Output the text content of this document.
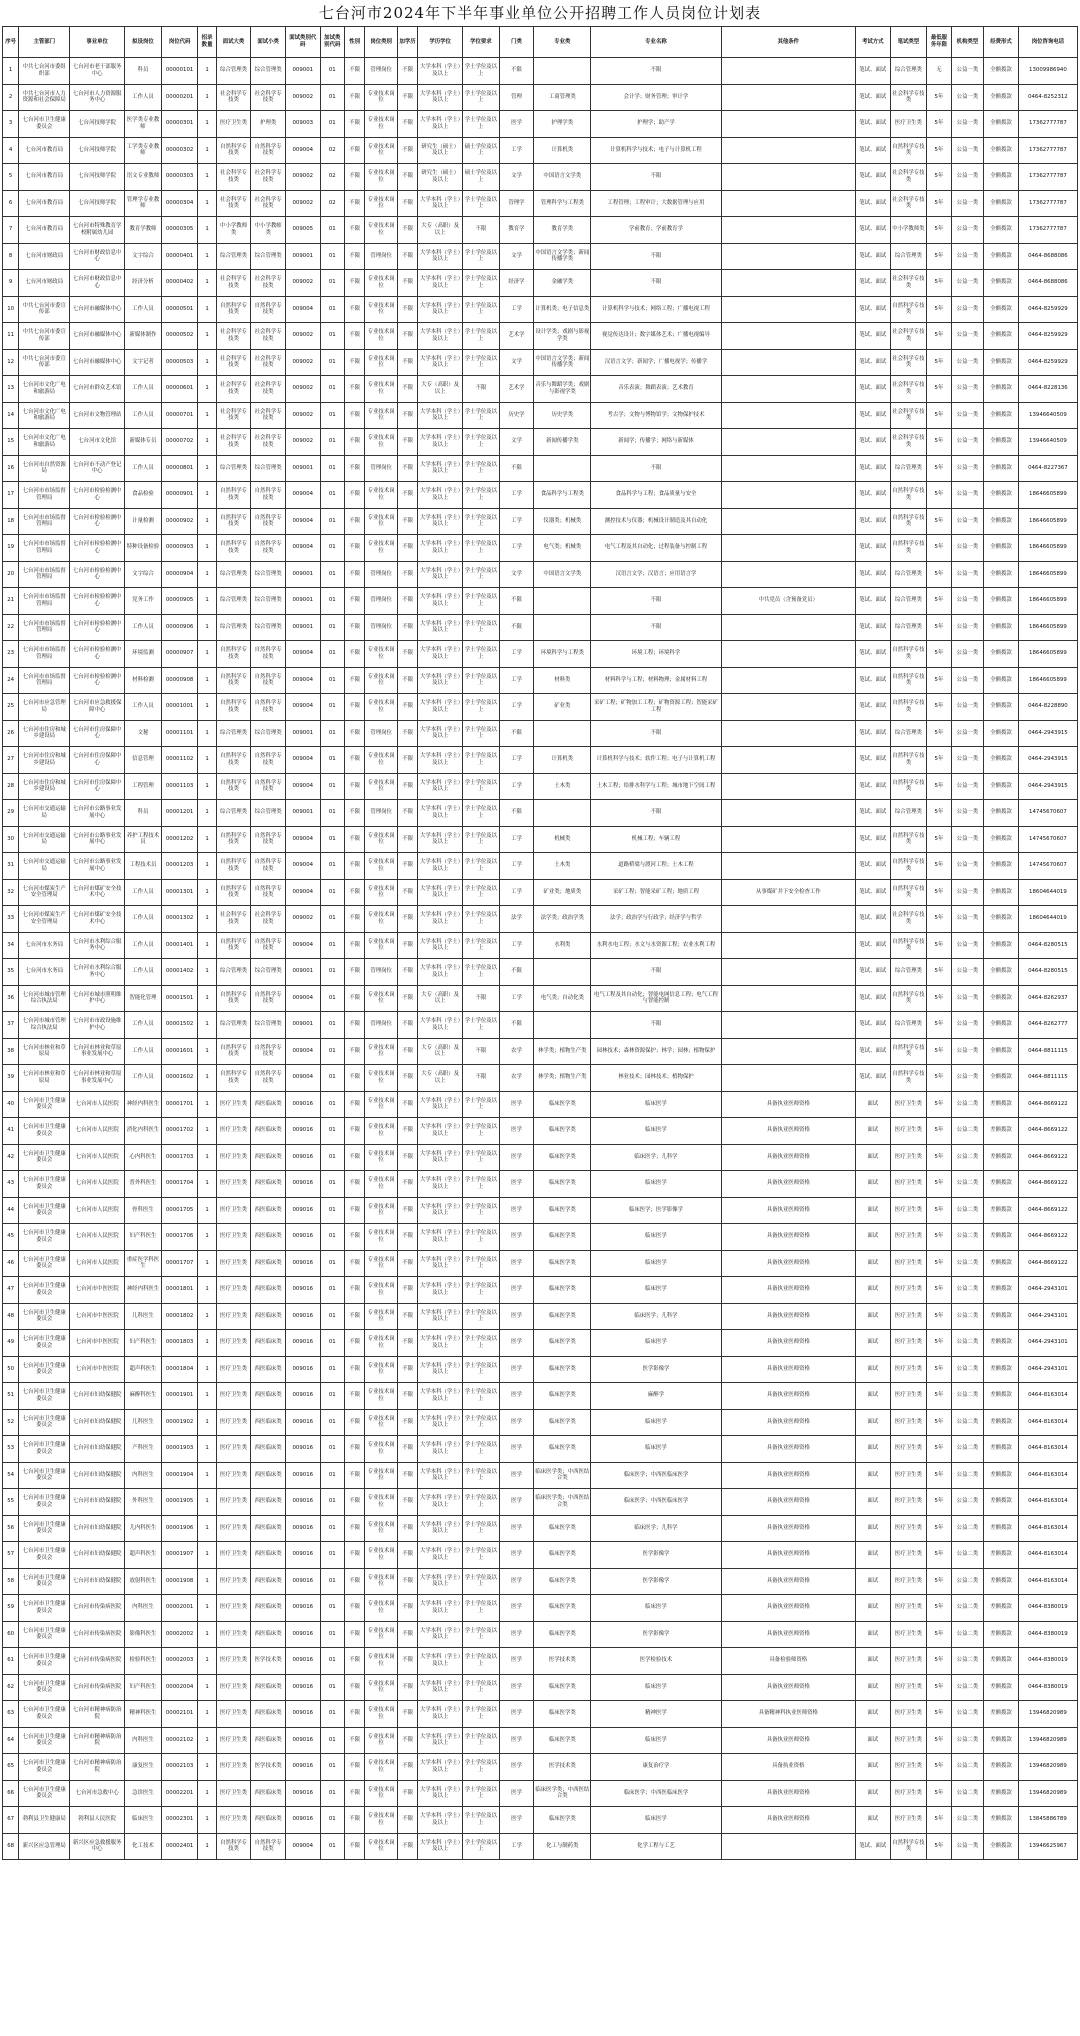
七台河市2024年下半年事业单位公开招聘工作人员岗位计划表
序号	主管部门	事业单位	拟设岗位	岗位代码	招录数量	面试大类	面试小类	面试类别代码	加试类别代码	性别	岗位类别	加学历	学历学位	学位要求	门类	专业类	专业名称	其他条件	考试方式	笔试类型	最低服务年限	机构类型	经费形式	岗位咨询电话
1	中共七台河市委组织部	七台河市老干部服务中心	科员	00000101	1	综合管理类	综合管理类	009001	01	不限	管理岗位	不限	大学本科（学士）及以上	学士学位及以上	不限		不限		笔试、面试	综合管理类	无	公益一类	全额拨款	13009986940
2	中共七台河市人力资源和社会保障局	七台河市人力资源服务中心	工作人员	00000201	1	社会科学专技类	社会科学专技类	009002	01	不限	专业技术岗位	不限	大学本科（学士）及以上	学士学位及以上	管理	工商管理类	会计学；财务管理；审计学		笔试、面试	社会科学专技类	5年	公益一类	全额拨款	0464-8252312
3	七台河市卫生健康委员会	七台河技师学院	医学类专业教师	00000301	1	医疗卫生类	护理类	009003	01	不限	专业技术岗位	不限	大学本科（学士）及以上	学士学位及以上	医学	护理学类	护理学；助产学		笔试、面试	医疗卫生类	5年	公益一类	全额拨款	17362777787
4	七台河市教育局	七台河技师学院	工学类专业教师	00000302	1	自然科学专技类	自然科学专技类	009004	02	不限	专业技术岗位	不限	研究生（硕士）及以上	硕士学位及以上	工学	计算机类	计算机科学与技术；电子与计算机工程		笔试、面试	自然科学专技类	5年	公益一类	全额拨款	17362777787
5	七台河市教育局	七台河技师学院	语文专业教师	00000303	1	社会科学专技类	社会科学专技类	009002	02	不限	专业技术岗位	不限	研究生（硕士）及以上	硕士学位及以上	文学	中国语言文学类	不限		笔试、面试	社会科学专技类	5年	公益一类	全额拨款	17362777787
6	七台河市教育局	七台河技师学院	管理学专业教师	00000304	1	社会科学专技类	社会科学专技类	009002	02	不限	专业技术岗位	不限	大学本科（学士）及以上	学士学位及以上	管理学	管理科学与工程类	工程管理；工程审计；大数据管理与应用		笔试、面试	社会科学专技类	5年	公益一类	全额拨款	17362777787
7	七台河市教育局	七台河市特殊教育学校附属幼儿园	教育学教师	00000305	1	中小学教师类	中小学教师类	009005	01	不限	专业技术岗位	不限	大专（高职）及以上	不限	教育学	教育学类	学前教育；学前教育学		笔试、面试	中小学教师类	5年	公益一类	全额拨款	17362777787
8	七台河市财政局	七台河市财政信息中心	文字综合	00000401	1	综合管理类	综合管理类	009001	01	不限	管理岗位	不限	大学本科（学士）及以上	学士学位及以上	文学	中国语言文学类；新闻传播学类	不限		笔试、面试	综合管理类	5年	公益一类	全额拨款	0464-8688086
9	七台河市财政局	七台河市财政信息中心	经济分析	00000402	1	社会科学专技类	社会科学专技类	009002	01	不限	专业技术岗位	不限	大学本科（学士）及以上	学士学位及以上	经济学	金融学类	不限		笔试、面试	社会科学专技类	5年	公益一类	全额拨款	0464-8688086
10	中共七台河市委宣传部	七台河市融媒体中心	工作人员	00000501	1	自然科学专技类	自然科学专技类	009004	01	不限	专业技术岗位	不限	大学本科（学士）及以上	学士学位及以上	工学	计算机类；电子信息类	计算机科学与技术；网络工程；广播电视工程		笔试、面试	自然科学专技类	5年	公益一类	全额拨款	0464-8259929
11	中共七台河市委宣传部	七台河市融媒体中心	新媒体制作	00000502	1	社会科学专技类	社会科学专技类	009002	01	不限	专业技术岗位	不限	大学本科（学士）及以上	学士学位及以上	艺术学	设计学类；戏剧与影视学类	视觉传达设计；数字媒体艺术；广播电视编导		笔试、面试	社会科学专技类	5年	公益一类	全额拨款	0464-8259929
12	中共七台河市委宣传部	七台河市融媒体中心	文字记者	00000503	1	社会科学专技类	社会科学专技类	009002	01	不限	专业技术岗位	不限	大学本科（学士）及以上	学士学位及以上	文学	中国语言文学类；新闻传播学类	汉语言文学；新闻学；广播电视学；传播学		笔试、面试	社会科学专技类	5年	公益一类	全额拨款	0464-8259929
13	七台河市文化广电和旅游局	七台河市群众艺术馆	工作人员	00000601	1	社会科学专技类	社会科学专技类	009002	01	不限	专业技术岗位	不限	大专（高职）及以上	不限	艺术学	音乐与舞蹈学类；戏剧与影视学类	音乐表演；舞蹈表演；艺术教育		笔试、面试	社会科学专技类	5年	公益一类	全额拨款	0464-8228136
14	七台河市文化广电和旅游局	七台河市文物管理站	工作人员	00000701	1	社会科学专技类	社会科学专技类	009002	01	不限	专业技术岗位	不限	大学本科（学士）及以上	学士学位及以上	历史学	历史学类	考古学；文物与博物馆学；文物保护技术		笔试、面试	社会科学专技类	5年	公益一类	全额拨款	13946640509
15	七台河市文化广电和旅游局	七台河市文化馆	新媒体专员	00000702	1	社会科学专技类	社会科学专技类	009002	01	不限	专业技术岗位	不限	大学本科（学士）及以上	学士学位及以上	文学	新闻传播学类	新闻学；传播学；网络与新媒体		笔试、面试	社会科学专技类	5年	公益一类	全额拨款	13946640509
16	七台河市自然资源局	七台河市不动产登记中心	工作人员	00000801	1	综合管理类	综合管理类	009001	01	不限	管理岗位	不限	大学本科（学士）及以上	学士学位及以上	不限		不限		笔试、面试	综合管理类	5年	公益一类	全额拨款	0464-8227367
17	七台河市市场监督管理局	七台河市检验检测中心	食品检验	00000901	1	自然科学专技类	自然科学专技类	009004	01	不限	专业技术岗位	不限	大学本科（学士）及以上	学士学位及以上	工学	食品科学与工程类	食品科学与工程；食品质量与安全		笔试、面试	自然科学专技类	5年	公益一类	全额拨款	18646605899
18	七台河市市场监督管理局	七台河市检验检测中心	计量检测	00000902	1	自然科学专技类	自然科学专技类	009004	01	不限	专业技术岗位	不限	大学本科（学士）及以上	学士学位及以上	工学	仪器类；机械类	测控技术与仪器；机械设计制造及其自动化		笔试、面试	自然科学专技类	5年	公益一类	全额拨款	18646605899
19	七台河市市场监督管理局	七台河市检验检测中心	特种设备检验	00000903	1	自然科学专技类	自然科学专技类	009004	01	不限	专业技术岗位	不限	大学本科（学士）及以上	学士学位及以上	工学	电气类；机械类	电气工程及其自动化；过程装备与控制工程		笔试、面试	自然科学专技类	5年	公益一类	全额拨款	18646605899
20	七台河市市场监督管理局	七台河市检验检测中心	文字综合	00000904	1	综合管理类	综合管理类	009001	01	不限	管理岗位	不限	大学本科（学士）及以上	学士学位及以上	文学	中国语言文学类	汉语言文学；汉语言；应用语言学		笔试、面试	综合管理类	5年	公益一类	全额拨款	18646605899
21	七台河市市场监督管理局	七台河市检验检测中心	党务工作	00000905	1	综合管理类	综合管理类	009001	01	不限	管理岗位	不限	大学本科（学士）及以上	学士学位及以上	不限		不限	中共党员（含预备党员）	笔试、面试	综合管理类	5年	公益一类	全额拨款	18646605899
22	七台河市市场监督管理局	七台河市检验检测中心	工作人员	00000906	1	综合管理类	综合管理类	009001	01	不限	管理岗位	不限	大学本科（学士）及以上	学士学位及以上	不限		不限		笔试、面试	综合管理类	5年	公益一类	全额拨款	18646605899
23	七台河市市场监督管理局	七台河市检验检测中心	环境监测	00000907	1	自然科学专技类	自然科学专技类	009004	01	不限	专业技术岗位	不限	大学本科（学士）及以上	学士学位及以上	工学	环境科学与工程类	环境工程；环境科学		笔试、面试	自然科学专技类	5年	公益一类	全额拨款	18646605899
24	七台河市市场监督管理局	七台河市检验检测中心	材料检测	00000908	1	自然科学专技类	自然科学专技类	009004	01	不限	专业技术岗位	不限	大学本科（学士）及以上	学士学位及以上	工学	材料类	材料科学与工程；材料物理；金属材料工程		笔试、面试	自然科学专技类	5年	公益一类	全额拨款	18646605899
25	七台河市应急管理局	七台河市应急救援保障中心	工作人员	00001001	1	自然科学专技类	自然科学专技类	009004	01	不限	专业技术岗位	不限	大学本科（学士）及以上	学士学位及以上	工学	矿业类	采矿工程；矿物加工工程；矿物资源工程；智能采矿工程		笔试、面试	自然科学专技类	5年	公益一类	全额拨款	0464-8228890
26	七台河市住房和城乡建设局	七台河市住房保障中心	文秘	00001101	1	综合管理类	综合管理类	009001	01	不限	管理岗位	不限	大学本科（学士）及以上	学士学位及以上	不限		不限		笔试、面试	综合管理类	5年	公益一类	全额拨款	0464-2943915
27	七台河市住房和城乡建设局	七台河市住房保障中心	信息管理	00001102	1	自然科学专技类	自然科学专技类	009004	01	不限	专业技术岗位	不限	大学本科（学士）及以上	学士学位及以上	工学	计算机类	计算机科学与技术；软件工程；电子与计算机工程		笔试、面试	自然科学专技类	5年	公益一类	全额拨款	0464-2943915
28	七台河市住房和城乡建设局	七台河市住房保障中心	工程管理	00001103	1	自然科学专技类	自然科学专技类	009004	01	不限	专业技术岗位	不限	大学本科（学士）及以上	学士学位及以上	工学	土木类	土木工程；给排水科学与工程；城市地下空间工程		笔试、面试	自然科学专技类	5年	公益一类	全额拨款	0464-2943915
29	七台河市交通运输局	七台河市公路事业发展中心	科员	00001201	1	综合管理类	综合管理类	009001	01	不限	管理岗位	不限	大学本科（学士）及以上	学士学位及以上	不限		不限		笔试、面试	综合管理类	5年	公益一类	全额拨款	14745670607
30	七台河市交通运输局	七台河市公路事业发展中心	养护工程技术员	00001202	1	自然科学专技类	自然科学专技类	009004	01	不限	专业技术岗位	不限	大学本科（学士）及以上	学士学位及以上	工学	机械类	机械工程；车辆工程		笔试、面试	自然科学专技类	5年	公益一类	全额拨款	14745670607
31	七台河市交通运输局	七台河市公路事业发展中心	工程技术员	00001203	1	自然科学专技类	自然科学专技类	009004	01	不限	专业技术岗位	不限	大学本科（学士）及以上	学士学位及以上	工学	土木类	道路桥梁与渡河工程；土木工程		笔试、面试	自然科学专技类	5年	公益一类	全额拨款	14745670607
32	七台河市煤炭生产安全管理局	七台河市煤矿安全技术中心	工作人员	00001301	1	自然科学专技类	自然科学专技类	009004	01	不限	专业技术岗位	不限	大学本科（学士）及以上	学士学位及以上	工学	矿业类；地质类	采矿工程；智能采矿工程；地质工程	从事煤矿井下安全检查工作	笔试、面试	自然科学专技类	5年	公益一类	全额拨款	18604644019
33	七台河市煤炭生产安全管理局	七台河市煤矿安全技术中心	工作人员	00001302	1	社会科学专技类	社会科学专技类	009002	01	不限	专业技术岗位	不限	大学本科（学士）及以上	学士学位及以上	法学	法学类；政治学类	法学；政治学与行政学；经济学与哲学		笔试、面试	社会科学专技类	5年	公益一类	全额拨款	18604644019
34	七台河市水务局	七台河市水利综合服务中心	工作人员	00001401	1	自然科学专技类	自然科学专技类	009004	01	不限	专业技术岗位	不限	大学本科（学士）及以上	学士学位及以上	工学	水利类	水利水电工程；水文与水资源工程；农业水利工程		笔试、面试	自然科学专技类	5年	公益一类	全额拨款	0464-8280515
35	七台河市水务局	七台河市水利综合服务中心	工作人员	00001402	1	综合管理类	综合管理类	009001	01	不限	管理岗位	不限	大学本科（学士）及以上	学士学位及以上	不限		不限		笔试、面试	综合管理类	5年	公益一类	全额拨款	0464-8280515
36	七台河市城市管理综合执法局	七台河市城市照明维护中心	智能化管理	00001501	1	自然科学专技类	自然科学专技类	009004	01	不限	专业技术岗位	不限	大专（高职）及以上	不限	工学	电气类；自动化类	电气工程及其自动化；智能电网信息工程；电气工程与智能控制		笔试、面试	自然科学专技类	5年	公益一类	全额拨款	0464-8262937
37	七台河市城市管理综合执法局	七台河市市政设施维护中心	工作人员	00001502	1	综合管理类	综合管理类	009001	01	不限	管理岗位	不限	大学本科（学士）及以上	学士学位及以上	不限		不限		笔试、面试	综合管理类	5年	公益一类	全额拨款	0464-8262777
38	七台河市林业和草原局	七台河市林业和草原事业发展中心	工作人员	00001601	1	自然科学专技类	自然科学专技类	009004	01	不限	专业技术岗位	不限	大专（高职）及以上	不限	农学	林学类；植物生产类	园林技术；森林资源保护；林学；园林；植物保护		笔试、面试	自然科学专技类	5年	公益一类	全额拨款	0464-8811115
39	七台河市林业和草原局	七台河市林业和草原事业发展中心	工作人员	00001602	1	自然科学专技类	自然科学专技类	009004	01	不限	专业技术岗位	不限	大专（高职）及以上	不限	农学	林学类；植物生产类	林业技术；园林技术；植物保护		笔试、面试	自然科学专技类	5年	公益一类	全额拨款	0464-8811115
40	七台河市卫生健康委员会	七台河市人民医院	神经内科医生	00001701	1	医疗卫生类	西医临床类	009016	01	不限	专业技术岗位	不限	大学本科（学士）及以上	学士学位及以上	医学	临床医学类	临床医学	具备执业医师资格	面试	医疗卫生类	5年	公益二类	差额拨款	0464-8669122
41	七台河市卫生健康委员会	七台河市人民医院	消化内科医生	00001702	1	医疗卫生类	西医临床类	009016	01	不限	专业技术岗位	不限	大学本科（学士）及以上	学士学位及以上	医学	临床医学类	临床医学	具备执业医师资格	面试	医疗卫生类	5年	公益二类	差额拨款	0464-8669122
42	七台河市卫生健康委员会	七台河市人民医院	心内科医生	00001703	1	医疗卫生类	西医临床类	009016	01	不限	专业技术岗位	不限	大学本科（学士）及以上	学士学位及以上	医学	临床医学类	临床医学；儿科学	具备执业医师资格	面试	医疗卫生类	5年	公益二类	差额拨款	0464-8669122
43	七台河市卫生健康委员会	七台河市人民医院	普外科医生	00001704	1	医疗卫生类	西医临床类	009016	01	不限	专业技术岗位	不限	大学本科（学士）及以上	学士学位及以上	医学	临床医学类	临床医学	具备执业医师资格	面试	医疗卫生类	5年	公益二类	差额拨款	0464-8669122
44	七台河市卫生健康委员会	七台河市人民医院	骨科医生	00001705	1	医疗卫生类	西医临床类	009016	01	不限	专业技术岗位	不限	大学本科（学士）及以上	学士学位及以上	医学	临床医学类	临床医学；医学影像学	具备执业医师资格	面试	医疗卫生类	5年	公益二类	差额拨款	0464-8669122
45	七台河市卫生健康委员会	七台河市人民医院	妇产科医生	00001706	1	医疗卫生类	西医临床类	009016	01	不限	专业技术岗位	不限	大学本科（学士）及以上	学士学位及以上	医学	临床医学类	临床医学	具备执业医师资格	面试	医疗卫生类	5年	公益二类	差额拨款	0464-8669122
46	七台河市卫生健康委员会	七台河市人民医院	重症医学科医生	00001707	1	医疗卫生类	西医临床类	009016	01	不限	专业技术岗位	不限	大学本科（学士）及以上	学士学位及以上	医学	临床医学类	临床医学	具备执业医师资格	面试	医疗卫生类	5年	公益二类	差额拨款	0464-8669122
47	七台河市卫生健康委员会	七台河市中医医院	神经内科医生	00001801	1	医疗卫生类	西医临床类	009016	01	不限	专业技术岗位	不限	大学本科（学士）及以上	学士学位及以上	医学	临床医学类	临床医学	具备执业医师资格	面试	医疗卫生类	5年	公益二类	差额拨款	0464-2943101
48	七台河市卫生健康委员会	七台河市中医医院	儿科医生	00001802	1	医疗卫生类	西医临床类	009016	01	不限	专业技术岗位	不限	大学本科（学士）及以上	学士学位及以上	医学	临床医学类	临床医学；儿科学	具备执业医师资格	面试	医疗卫生类	5年	公益二类	差额拨款	0464-2943101
49	七台河市卫生健康委员会	七台河市中医医院	妇产科医生	00001803	1	医疗卫生类	西医临床类	009016	01	不限	专业技术岗位	不限	大学本科（学士）及以上	学士学位及以上	医学	临床医学类	临床医学	具备执业医师资格	面试	医疗卫生类	5年	公益二类	差额拨款	0464-2943101
50	七台河市卫生健康委员会	七台河市中医医院	超声科医生	00001804	1	医疗卫生类	西医临床类	009016	01	不限	专业技术岗位	不限	大学本科（学士）及以上	学士学位及以上	医学	临床医学类	医学影像学	具备执业医师资格	面试	医疗卫生类	5年	公益二类	差额拨款	0464-2943101
51	七台河市卫生健康委员会	七台河市妇幼保健院	麻醉科医生	00001901	1	医疗卫生类	西医临床类	009016	01	不限	专业技术岗位	不限	大学本科（学士）及以上	学士学位及以上	医学	临床医学类	麻醉学	具备执业医师资格	面试	医疗卫生类	5年	公益二类	差额拨款	0464-8163014
52	七台河市卫生健康委员会	七台河市妇幼保健院	儿科医生	00001902	1	医疗卫生类	西医临床类	009016	01	不限	专业技术岗位	不限	大学本科（学士）及以上	学士学位及以上	医学	临床医学类	临床医学	具备执业医师资格	面试	医疗卫生类	5年	公益二类	差额拨款	0464-8163014
53	七台河市卫生健康委员会	七台河市妇幼保健院	产科医生	00001903	1	医疗卫生类	西医临床类	009016	01	不限	专业技术岗位	不限	大学本科（学士）及以上	学士学位及以上	医学	临床医学类	临床医学	具备执业医师资格	面试	医疗卫生类	5年	公益二类	差额拨款	0464-8163014
54	七台河市卫生健康委员会	七台河市妇幼保健院	内科医生	00001904	1	医疗卫生类	西医临床类	009016	01	不限	专业技术岗位	不限	大学本科（学士）及以上	学士学位及以上	医学	临床医学类；中西医结合类	临床医学；中西医临床医学	具备执业医师资格	面试	医疗卫生类	5年	公益二类	差额拨款	0464-8163014
55	七台河市卫生健康委员会	七台河市妇幼保健院	外科医生	00001905	1	医疗卫生类	西医临床类	009016	01	不限	专业技术岗位	不限	大学本科（学士）及以上	学士学位及以上	医学	临床医学类；中西医结合类	临床医学；中西医临床医学	具备执业医师资格	面试	医疗卫生类	5年	公益二类	差额拨款	0464-8163014
56	七台河市卫生健康委员会	七台河市妇幼保健院	儿内科医生	00001906	1	医疗卫生类	西医临床类	009016	01	不限	专业技术岗位	不限	大学本科（学士）及以上	学士学位及以上	医学	临床医学类	临床医学；儿科学	具备执业医师资格	面试	医疗卫生类	5年	公益二类	差额拨款	0464-8163014
57	七台河市卫生健康委员会	七台河市妇幼保健院	超声科医生	00001907	1	医疗卫生类	西医临床类	009016	01	不限	专业技术岗位	不限	大学本科（学士）及以上	学士学位及以上	医学	临床医学类	医学影像学	具备执业医师资格	面试	医疗卫生类	5年	公益二类	差额拨款	0464-8163014
58	七台河市卫生健康委员会	七台河市妇幼保健院	放射科医生	00001908	1	医疗卫生类	西医临床类	009016	01	不限	专业技术岗位	不限	大学本科（学士）及以上	学士学位及以上	医学	临床医学类	医学影像学	具备执业医师资格	面试	医疗卫生类	5年	公益二类	差额拨款	0464-8163014
59	七台河市卫生健康委员会	七台河市传染病医院	内科医生	00002001	1	医疗卫生类	西医临床类	009016	01	不限	专业技术岗位	不限	大学本科（学士）及以上	学士学位及以上	医学	临床医学类	临床医学	具备执业医师资格	面试	医疗卫生类	5年	公益二类	差额拨款	0464-8380019
60	七台河市卫生健康委员会	七台河市传染病医院	影像科医生	00002002	1	医疗卫生类	西医临床类	009016	01	不限	专业技术岗位	不限	大学本科（学士）及以上	学士学位及以上	医学	临床医学类	医学影像学	具备执业医师资格	面试	医疗卫生类	5年	公益二类	差额拨款	0464-8380019
61	七台河市卫生健康委员会	七台河市传染病医院	检验科医生	00002003	1	医疗卫生类	医学技术类	009016	01	不限	专业技术岗位	不限	大学本科（学士）及以上	学士学位及以上	医学	医学技术类	医学检验技术	具备检验师资格	面试	医疗卫生类	5年	公益二类	差额拨款	0464-8380019
62	七台河市卫生健康委员会	七台河市传染病医院	妇产科医生	00002004	1	医疗卫生类	西医临床类	009016	01	不限	专业技术岗位	不限	大学本科（学士）及以上	学士学位及以上	医学	临床医学类	临床医学	具备执业医师资格	面试	医疗卫生类	5年	公益二类	差额拨款	0464-8380019
63	七台河市卫生健康委员会	七台河市精神病防治院	精神科医生	00002101	1	医疗卫生类	西医临床类	009016	01	不限	专业技术岗位	不限	大学本科（学士）及以上	学士学位及以上	医学	临床医学类	精神医学	具备精神科执业医师资格	面试	医疗卫生类	5年	公益二类	差额拨款	13946820989
64	七台河市卫生健康委员会	七台河市精神病防治院	内科医生	00002102	1	医疗卫生类	西医临床类	009016	01	不限	专业技术岗位	不限	大学本科（学士）及以上	学士学位及以上	医学	临床医学类	临床医学	具备执业医师资格	面试	医疗卫生类	5年	公益二类	差额拨款	13946820989
65	七台河市卫生健康委员会	七台河市精神病防治院	康复医生	00002103	1	医疗卫生类	医学技术类	009016	01	不限	专业技术岗位	不限	大学本科（学士）及以上	学士学位及以上	医学	医学技术类	康复治疗学	具备执业资格	面试	医疗卫生类	5年	公益二类	差额拨款	13946820989
66	七台河市卫生健康委员会	七台河市急救中心	急诊医生	00002201	1	医疗卫生类	西医临床类	009016	01	不限	专业技术岗位	不限	大学本科（学士）及以上	学士学位及以上	医学	临床医学类；中西医结合类	临床医学；中西医临床医学	具备执业医师资格	面试	医疗卫生类	5年	公益二类	差额拨款	13946820989
67	勃利县卫生健康局	勃利县人民医院	临床医生	00002301	1	医疗卫生类	西医临床类	009016	01	不限	专业技术岗位	不限	大学本科（学士）及以上	学士学位及以上	医学	临床医学类	临床医学	具备执业医师资格	面试	医疗卫生类	5年	公益二类	差额拨款	13845886789
68	新兴区应急管理局	新兴区应急救援服务中心	化工技术	00002401	1	自然科学专技类	自然科学专技类	009004	01	不限	专业技术岗位	不限	大学本科（学士）及以上	学士学位及以上	工学	化工与制药类	化学工程与工艺		笔试、面试	自然科学专技类	5年	公益一类	全额拨款	13946625967
